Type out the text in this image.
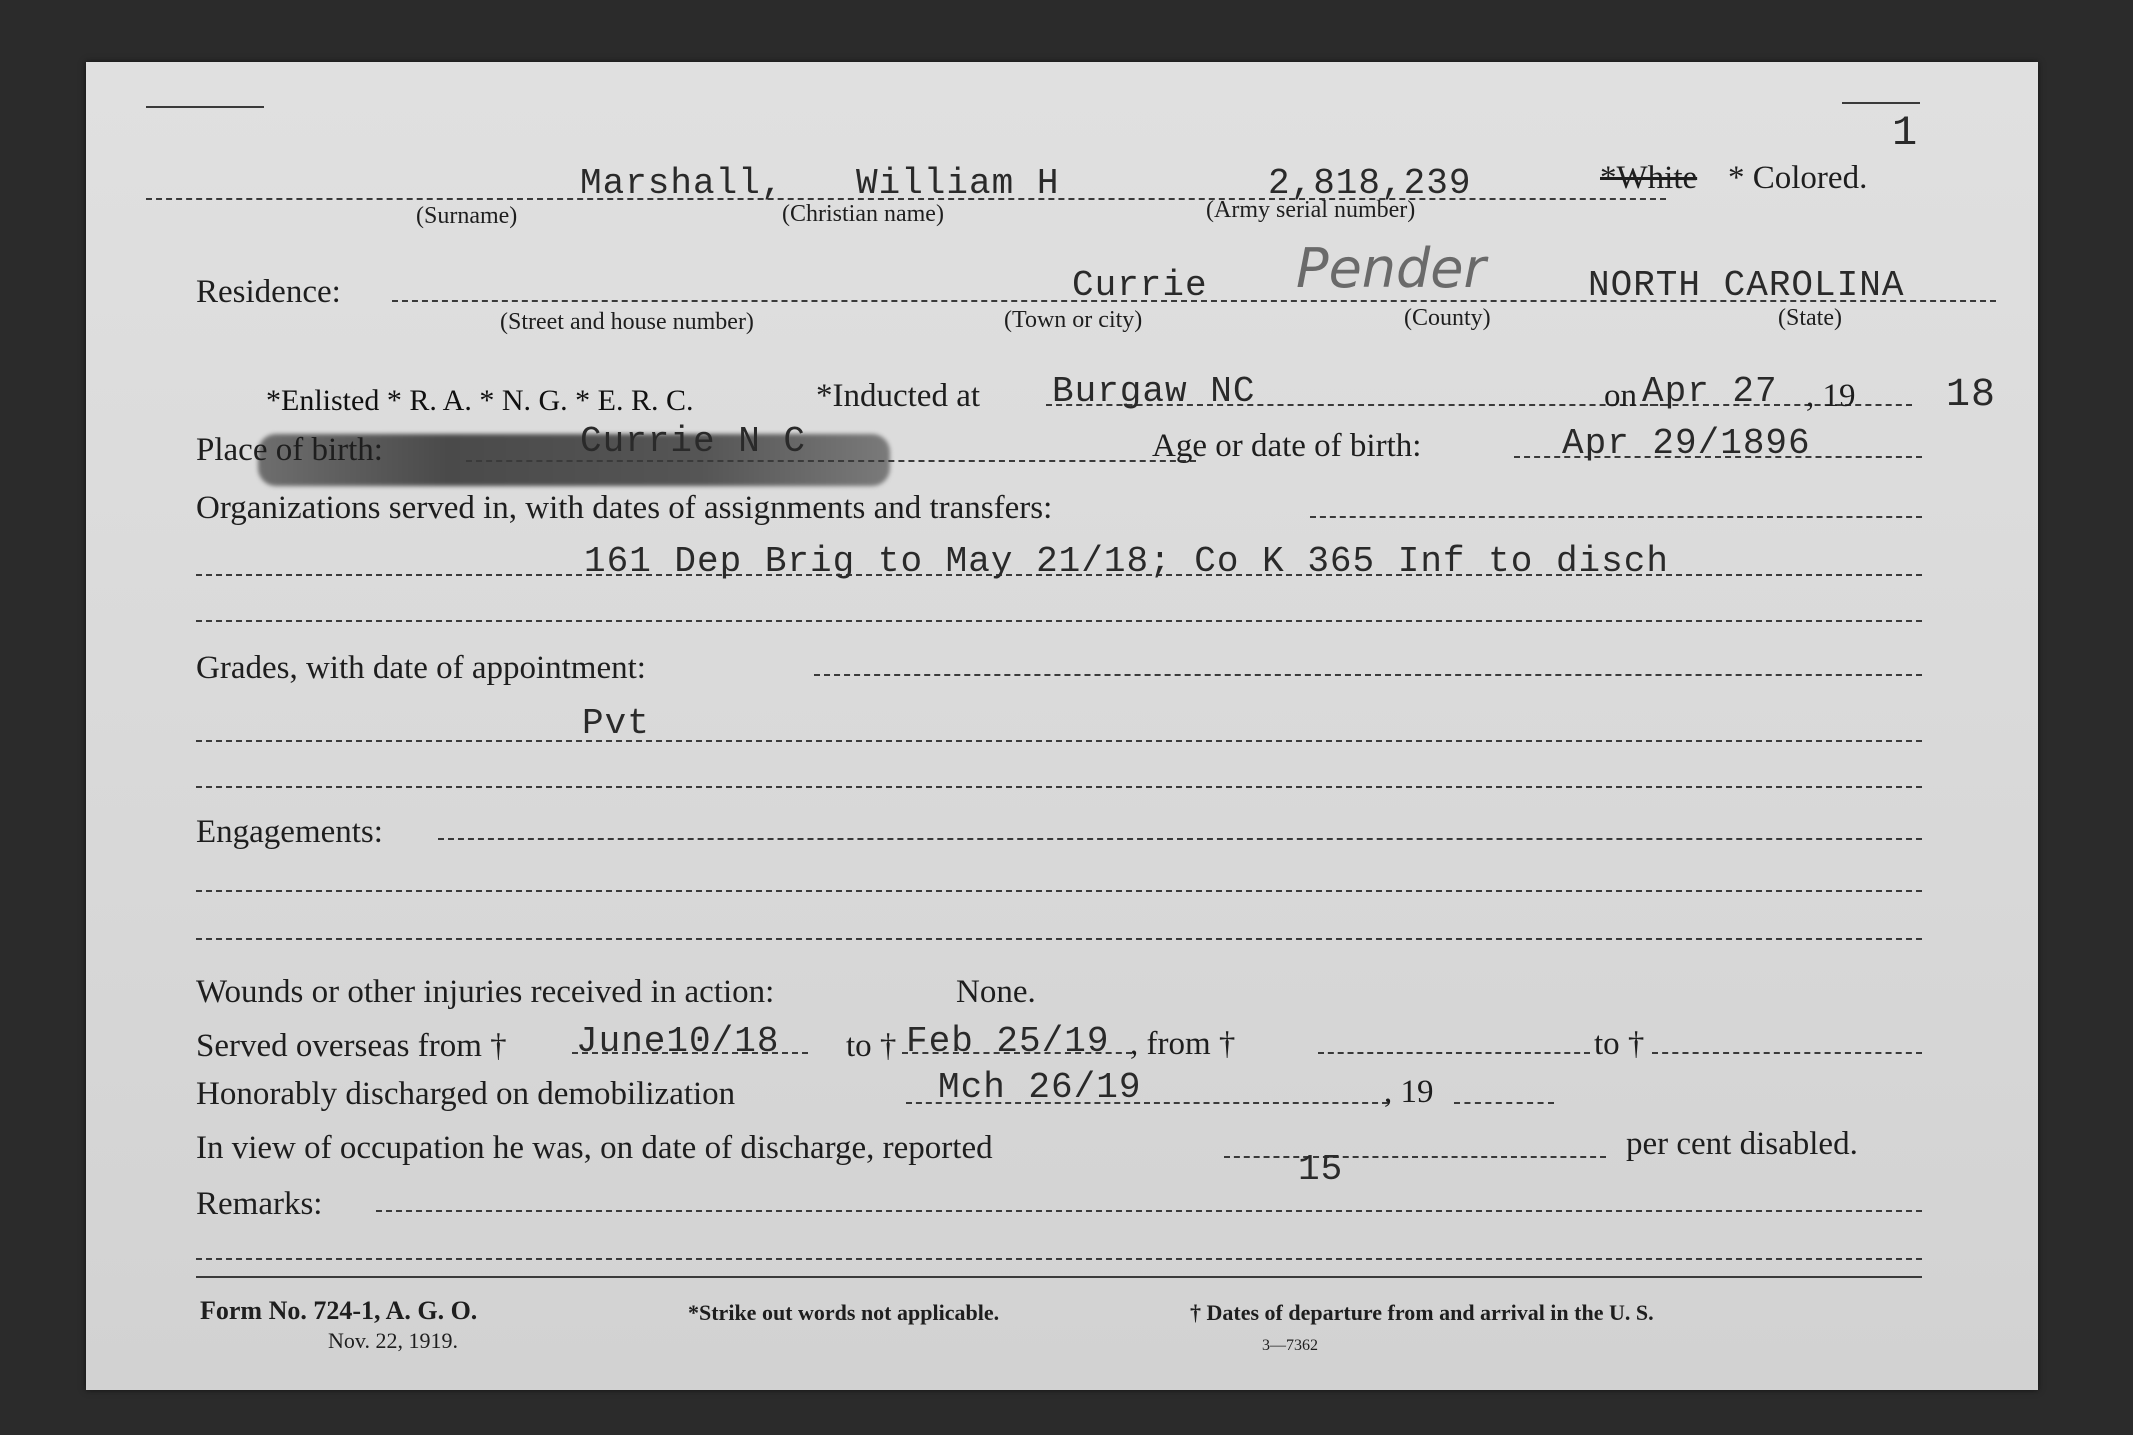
1
Marshall, William H	2,818,239	*White * Colored.
(Surname)	(Christian name)	(Army serial number)
Residence:	Currie Pender	NORTH CAROLINA
(Street and house number)	(Town or city)	(County)	(State)
*Enlisted * R. A. * N. G. * E. R. C.	*Inducted at Burgaw NC	on Apr 27 , 19 18
Place of birth:	Currie N C	Age or date of birth:	Apr 29/1896
Organizations served in, with dates of assignments and transfers:
161 Dep Brig to May 21/18; Co K 365 Inf to disch
Grades, with date of appointment:
Pvt
Engagements:
Wounds or other injuries received in action:	None.
Served overseas from † June10/18 to † Feb 25/19 , from †	to †
Honorably discharged on demobilization	Mch 26/19	, 19
In view of occupation he was, on date of discharge, reported
15
per cent disabled.
Remarks:
Form No. 724-1, A. G. O.
Nov. 22, 1919.
*Strike out words not applicable.	† Dates of departure from and arrival in the U. S.
3—7362
